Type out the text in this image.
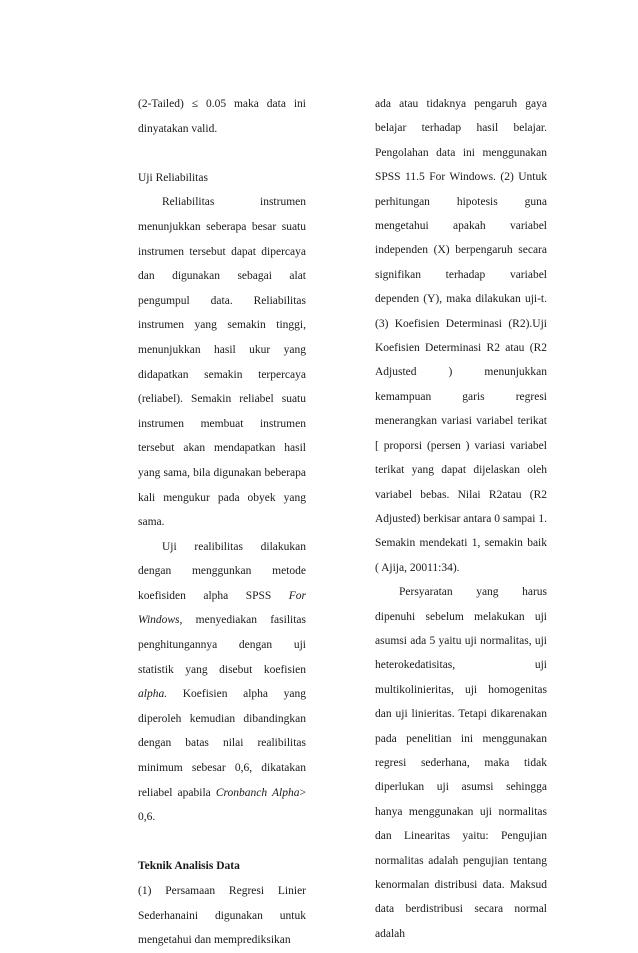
(2-Tailed) ≤ 0.05 maka data ini dinyatakan valid.

Uji Reliabilitas

Reliabilitas instrumen menunjukkan seberapa besar suatu instrumen tersebut dapat dipercaya dan digunakan sebagai alat pengumpul data. Reliabilitas instrumen yang semakin tinggi, menunjukkan hasil ukur yang didapatkan semakin terpercaya (reliabel). Semakin reliabel suatu instrumen membuat instrumen tersebut akan mendapatkan hasil yang sama, bila digunakan beberapa kali mengukur pada obyek yang sama.

Uji realibilitas dilakukan dengan menggunkan metode koefisiden alpha SPSS For Windows, menyediakan fasilitas penghitungannya dengan uji statistik yang disebut koefisien alpha. Koefisien alpha yang diperoleh kemudian dibandingkan dengan batas nilai realibilitas minimum sebesar 0,6, dikatakan reliabel apabila Cronbanch Alpha> 0,6.

Teknik Analisis Data

(1) Persamaan Regresi Linier Sederhanaini digunakan untuk mengetahui dan memprediksikan

ada atau tidaknya pengaruh gaya belajar terhadap hasil belajar. Pengolahan data ini menggunakan SPSS 11.5 For Windows. (2) Untuk perhitungan hipotesis guna mengetahui apakah variabel independen (X) berpengaruh secara signifikan terhadap variabel dependen (Y), maka dilakukan uji-t. (3) Koefisien Determinasi (R2).Uji Koefisien Determinasi R2 atau (R2 Adjusted ) menunjukkan kemampuan garis regresi menerangkan variasi variabel terikat [ proporsi (persen ) variasi variabel terikat yang dapat dijelaskan oleh variabel bebas. Nilai R2atau (R2 Adjusted) berkisar antara 0 sampai 1. Semakin mendekati 1, semakin baik ( Ajija, 20011:34).

Persyaratan yang harus dipenuhi sebelum melakukan uji asumsi ada 5 yaitu uji normalitas, uji heterokedatisitas, uji multikolinieritas, uji homogenitas dan uji linieritas. Tetapi dikarenakan pada penelitian ini menggunakan regresi sederhana, maka tidak diperlukan uji asumsi sehingga hanya menggunakan uji normalitas dan Linearitas yaitu: Pengujian normalitas adalah pengujian tentang kenormalan distribusi data. Maksud data berdistribusi secara normal adalah
